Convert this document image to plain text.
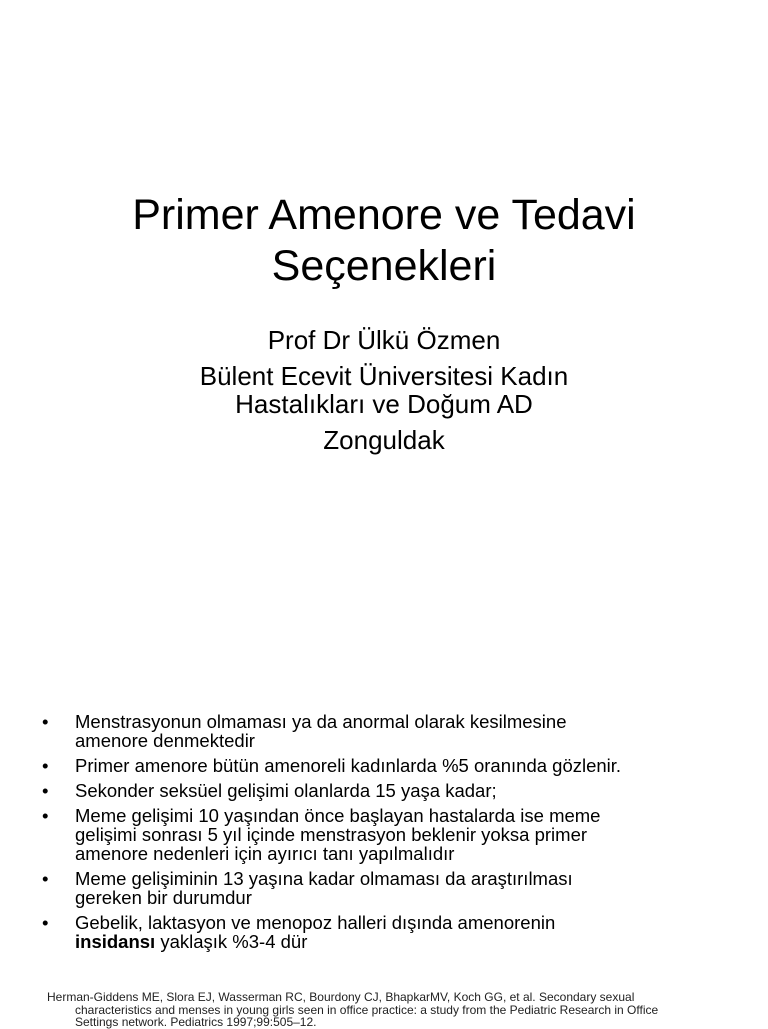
Primer Amenore ve Tedavi
Seçenekleri
Prof Dr Ülkü Özmen
Bülent Ecevit Üniversitesi Kadın
Hastalıkları ve Doğum AD
Zonguldak
• Menstrasyonun olmaması ya da anormal olarak kesilmesine
amenore denmektedir
• Primer amenore bütün amenoreli kadınlarda %5 oranında gözlenir.
• Sekonder seksüel gelişimi olanlarda 15 yaşa kadar;
• Meme gelişimi 10 yaşından önce başlayan hastalarda ise meme
gelişimi sonrası 5 yıl içinde menstrasyon beklenir yoksa primer
amenore nedenleri için ayırıcı tanı yapılmalıdır
• Meme gelişiminin 13 yaşına kadar olmaması da araştırılması
gereken bir durumdur
• Gebelik, laktasyon ve menopoz halleri dışında amenorenin
insidansı yaklaşık %3-4 dür
Herman-Giddens ME, Slora EJ, Wasserman RC, Bourdony CJ, BhapkarMV, Koch GG, et al. Secondary sexual
characteristics and menses in young girls seen in office practice: a study from the Pediatric Research in Office
Settings network. Pediatrics 1997;99:505–12.
